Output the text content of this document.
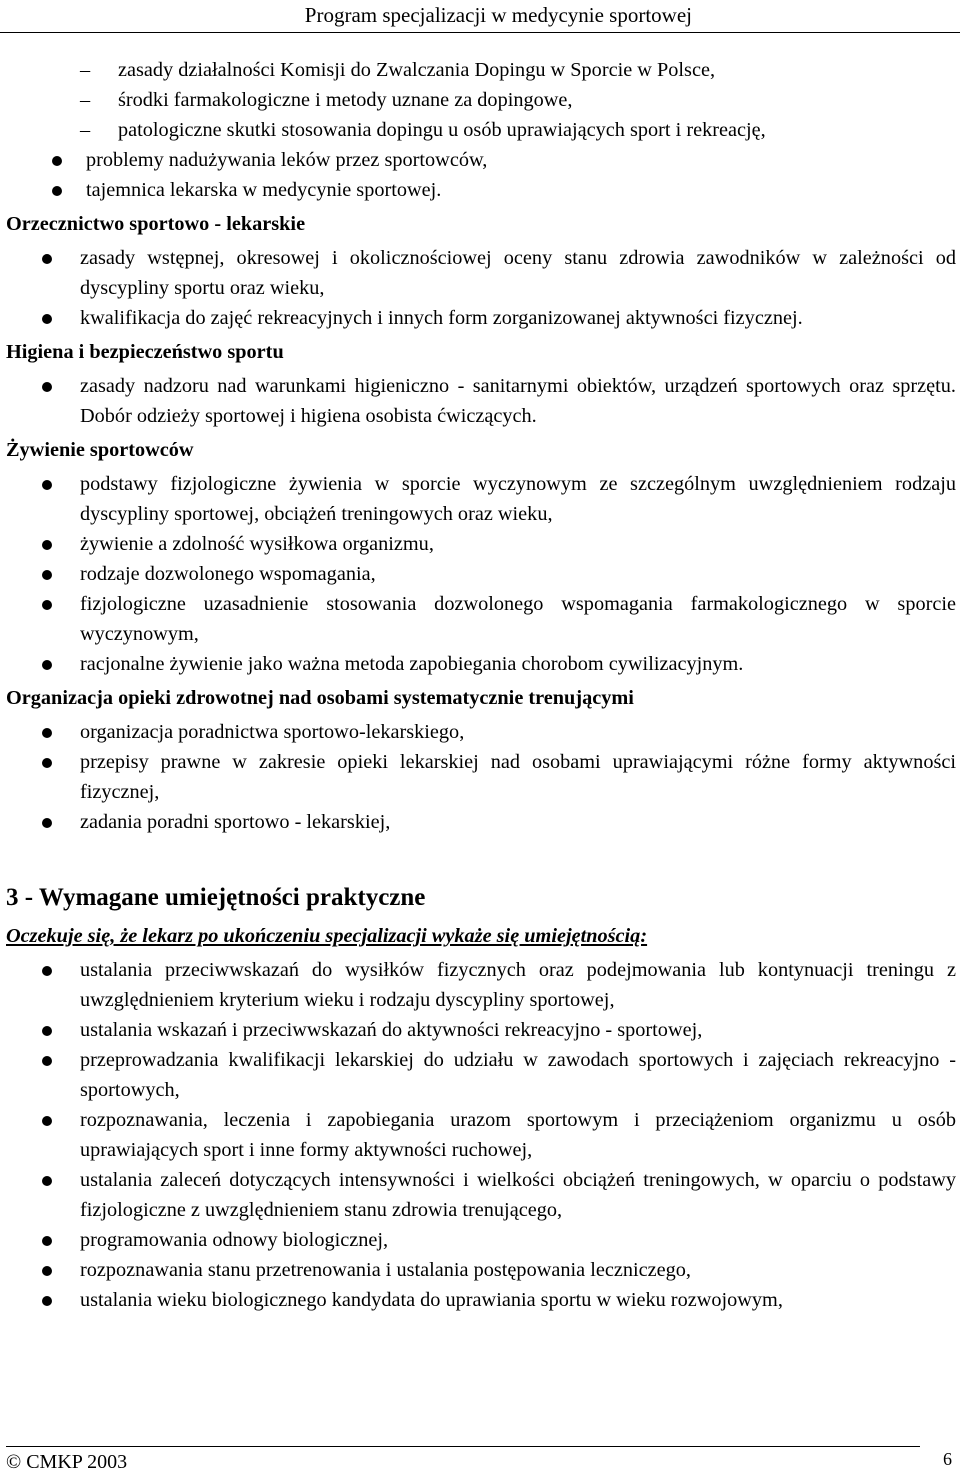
Program specjalizacji w medycynie sportowej
– zasady działalności Komisji do Zwalczania Dopingu w Sporcie w Polsce,
– środki farmakologiczne i metody uznane za dopingowe,
– patologiczne skutki stosowania dopingu u osób uprawiających sport i rekreację,
problemy nadużywania leków przez sportowców,
tajemnica lekarska w medycynie sportowej.
Orzecznictwo sportowo - lekarskie
zasady wstępnej, okresowej i okolicznościowej oceny stanu zdrowia zawodników w zależności od dyscypliny sportu oraz wieku,
kwalifikacja do zajęć rekreacyjnych i innych form zorganizowanej aktywności fizycznej.
Higiena i bezpieczeństwo sportu
zasady nadzoru nad warunkami higieniczno - sanitarnymi obiektów, urządzeń sportowych oraz sprzętu. Dobór odzieży sportowej i higiena osobista ćwiczących.
Żywienie sportowców
podstawy fizjologiczne żywienia w sporcie wyczynowym ze szczególnym uwzględnieniem rodzaju dyscypliny sportowej, obciążeń treningowych oraz wieku,
żywienie a zdolność wysiłkowa organizmu,
rodzaje dozwolonego wspomagania,
fizjologiczne uzasadnienie stosowania dozwolonego wspomagania farmakologicznego w sporcie wyczynowym,
racjonalne żywienie jako ważna metoda zapobiegania chorobom cywilizacyjnym.
Organizacja opieki zdrowotnej nad osobami systematycznie trenującymi
organizacja poradnictwa sportowo-lekarskiego,
przepisy prawne w zakresie opieki lekarskiej nad osobami uprawiającymi różne formy aktywności fizycznej,
zadania poradni sportowo - lekarskiej,
3 - Wymagane umiejętności praktyczne
Oczekuje się, że lekarz po ukończeniu specjalizacji wykaże się umiejętnością:
ustalania przeciwwskazań do wysiłków fizycznych oraz podejmowania lub kontynuacji treningu z uwzględnieniem kryterium wieku i rodzaju dyscypliny sportowej,
ustalania wskazań i przeciwwskazań do aktywności rekreacyjno - sportowej,
przeprowadzania kwalifikacji lekarskiej do udziału w zawodach sportowych i zajęciach rekreacyjno - sportowych,
rozpoznawania, leczenia i zapobiegania urazom sportowym i przeciążeniom organizmu u osób uprawiających sport i inne formy aktywności ruchowej,
ustalania zaleceń dotyczących intensywności i wielkości obciążeń treningowych, w oparciu o podstawy fizjologiczne z uwzględnieniem stanu zdrowia trenującego,
programowania odnowy biologicznej,
rozpoznawania stanu przetrenowania i ustalania postępowania leczniczego,
ustalania wieku biologicznego kandydata do uprawiania sportu w wieku rozwojowym,
© CMKP 2003	6
